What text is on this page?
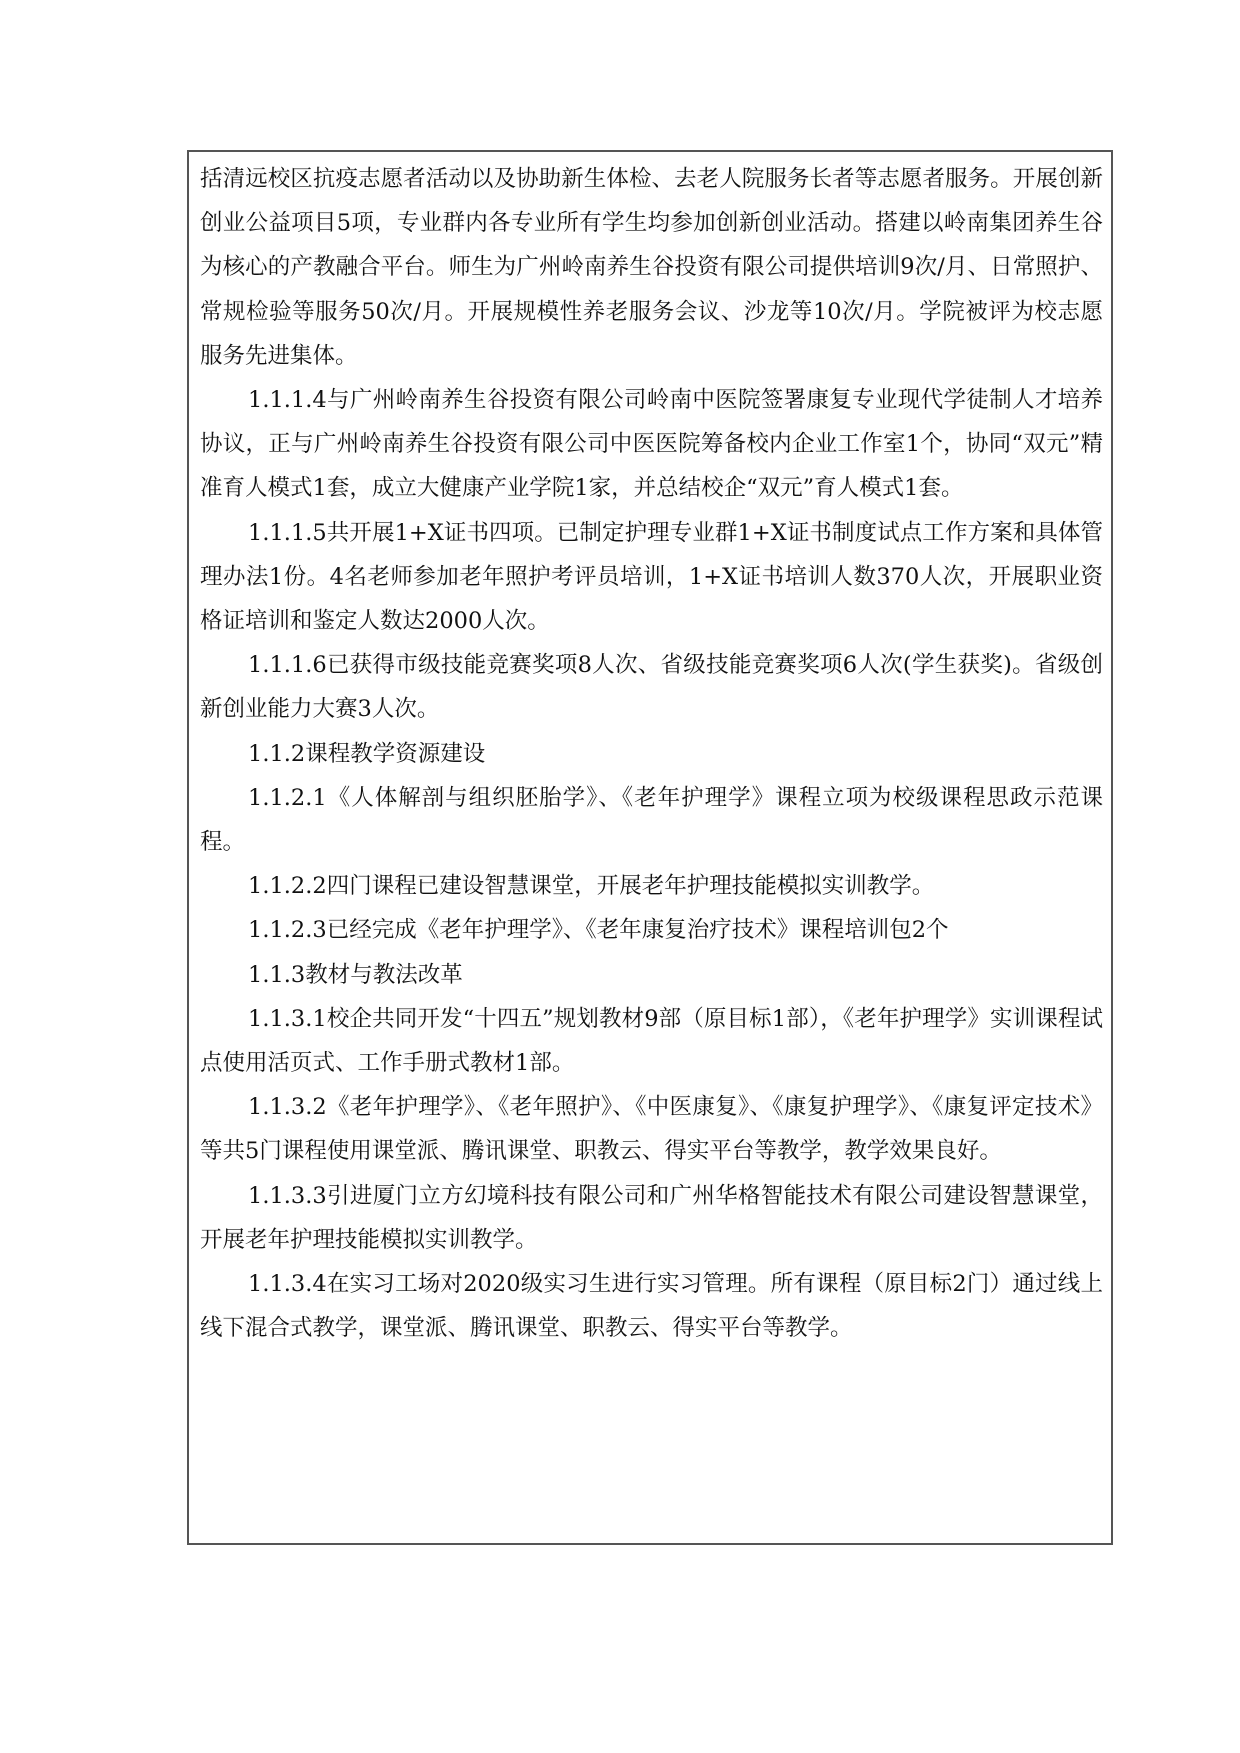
括清远校区抗疫志愿者活动以及协助新生体检、去老人院服务长者等志愿者服务。开展创新创业公益项目5项，专业群内各专业所有学生均参加创新创业活动。搭建以岭南集团养生谷为核心的产教融合平台。师生为广州岭南养生谷投资有限公司提供培训9次/月、日常照护、常规检验等服务50次/月。开展规模性养老服务会议、沙龙等10次/月。学院被评为校志愿服务先进集体。

1.1.1.4与广州岭南养生谷投资有限公司岭南中医院签署康复专业现代学徒制人才培养协议，正与广州岭南养生谷投资有限公司中医医院筹备校内企业工作室1个，协同“双元”精准育人模式1套，成立大健康产业学院1家，并总结校企“双元”育人模式1套。

1.1.1.5共开展1+X证书四项。已制定护理专业群1+X证书制度试点工作方案和具体管理办法1份。4名老师参加老年照护考评员培训，1+X证书培训人数370人次，开展职业资格证培训和鉴定人数达2000人次。

1.1.1.6已获得市级技能竞赛奖项8人次、省级技能竞赛奖项6人次(学生获奖)。省级创新创业能力大赛3人次。

1.1.2课程教学资源建设

1.1.2.1《人体解剖与组织胚胎学》、《老年护理学》课程立项为校级课程思政示范课程。

1.1.2.2四门课程已建设智慧课堂，开展老年护理技能模拟实训教学。

1.1.2.3已经完成《老年护理学》、《老年康复治疗技术》课程培训包2个

1.1.3教材与教法改革

1.1.3.1校企共同开发“十四五”规划教材9部（原目标1部），《老年护理学》实训课程试点使用活页式、工作手册式教材1部。

1.1.3.2《老年护理学》、《老年照护》、《中医康复》、《康复护理学》、《康复评定技术》等共5门课程使用课堂派、腾讯课堂、职教云、得实平台等教学，教学效果良好。

1.1.3.3引进厦门立方幻境科技有限公司和广州华格智能技术有限公司建设智慧课堂，开展老年护理技能模拟实训教学。

1.1.3.4在实习工场对2020级实习生进行实习管理。所有课程（原目标2门）通过线上线下混合式教学，课堂派、腾讯课堂、职教云、得实平台等教学。
